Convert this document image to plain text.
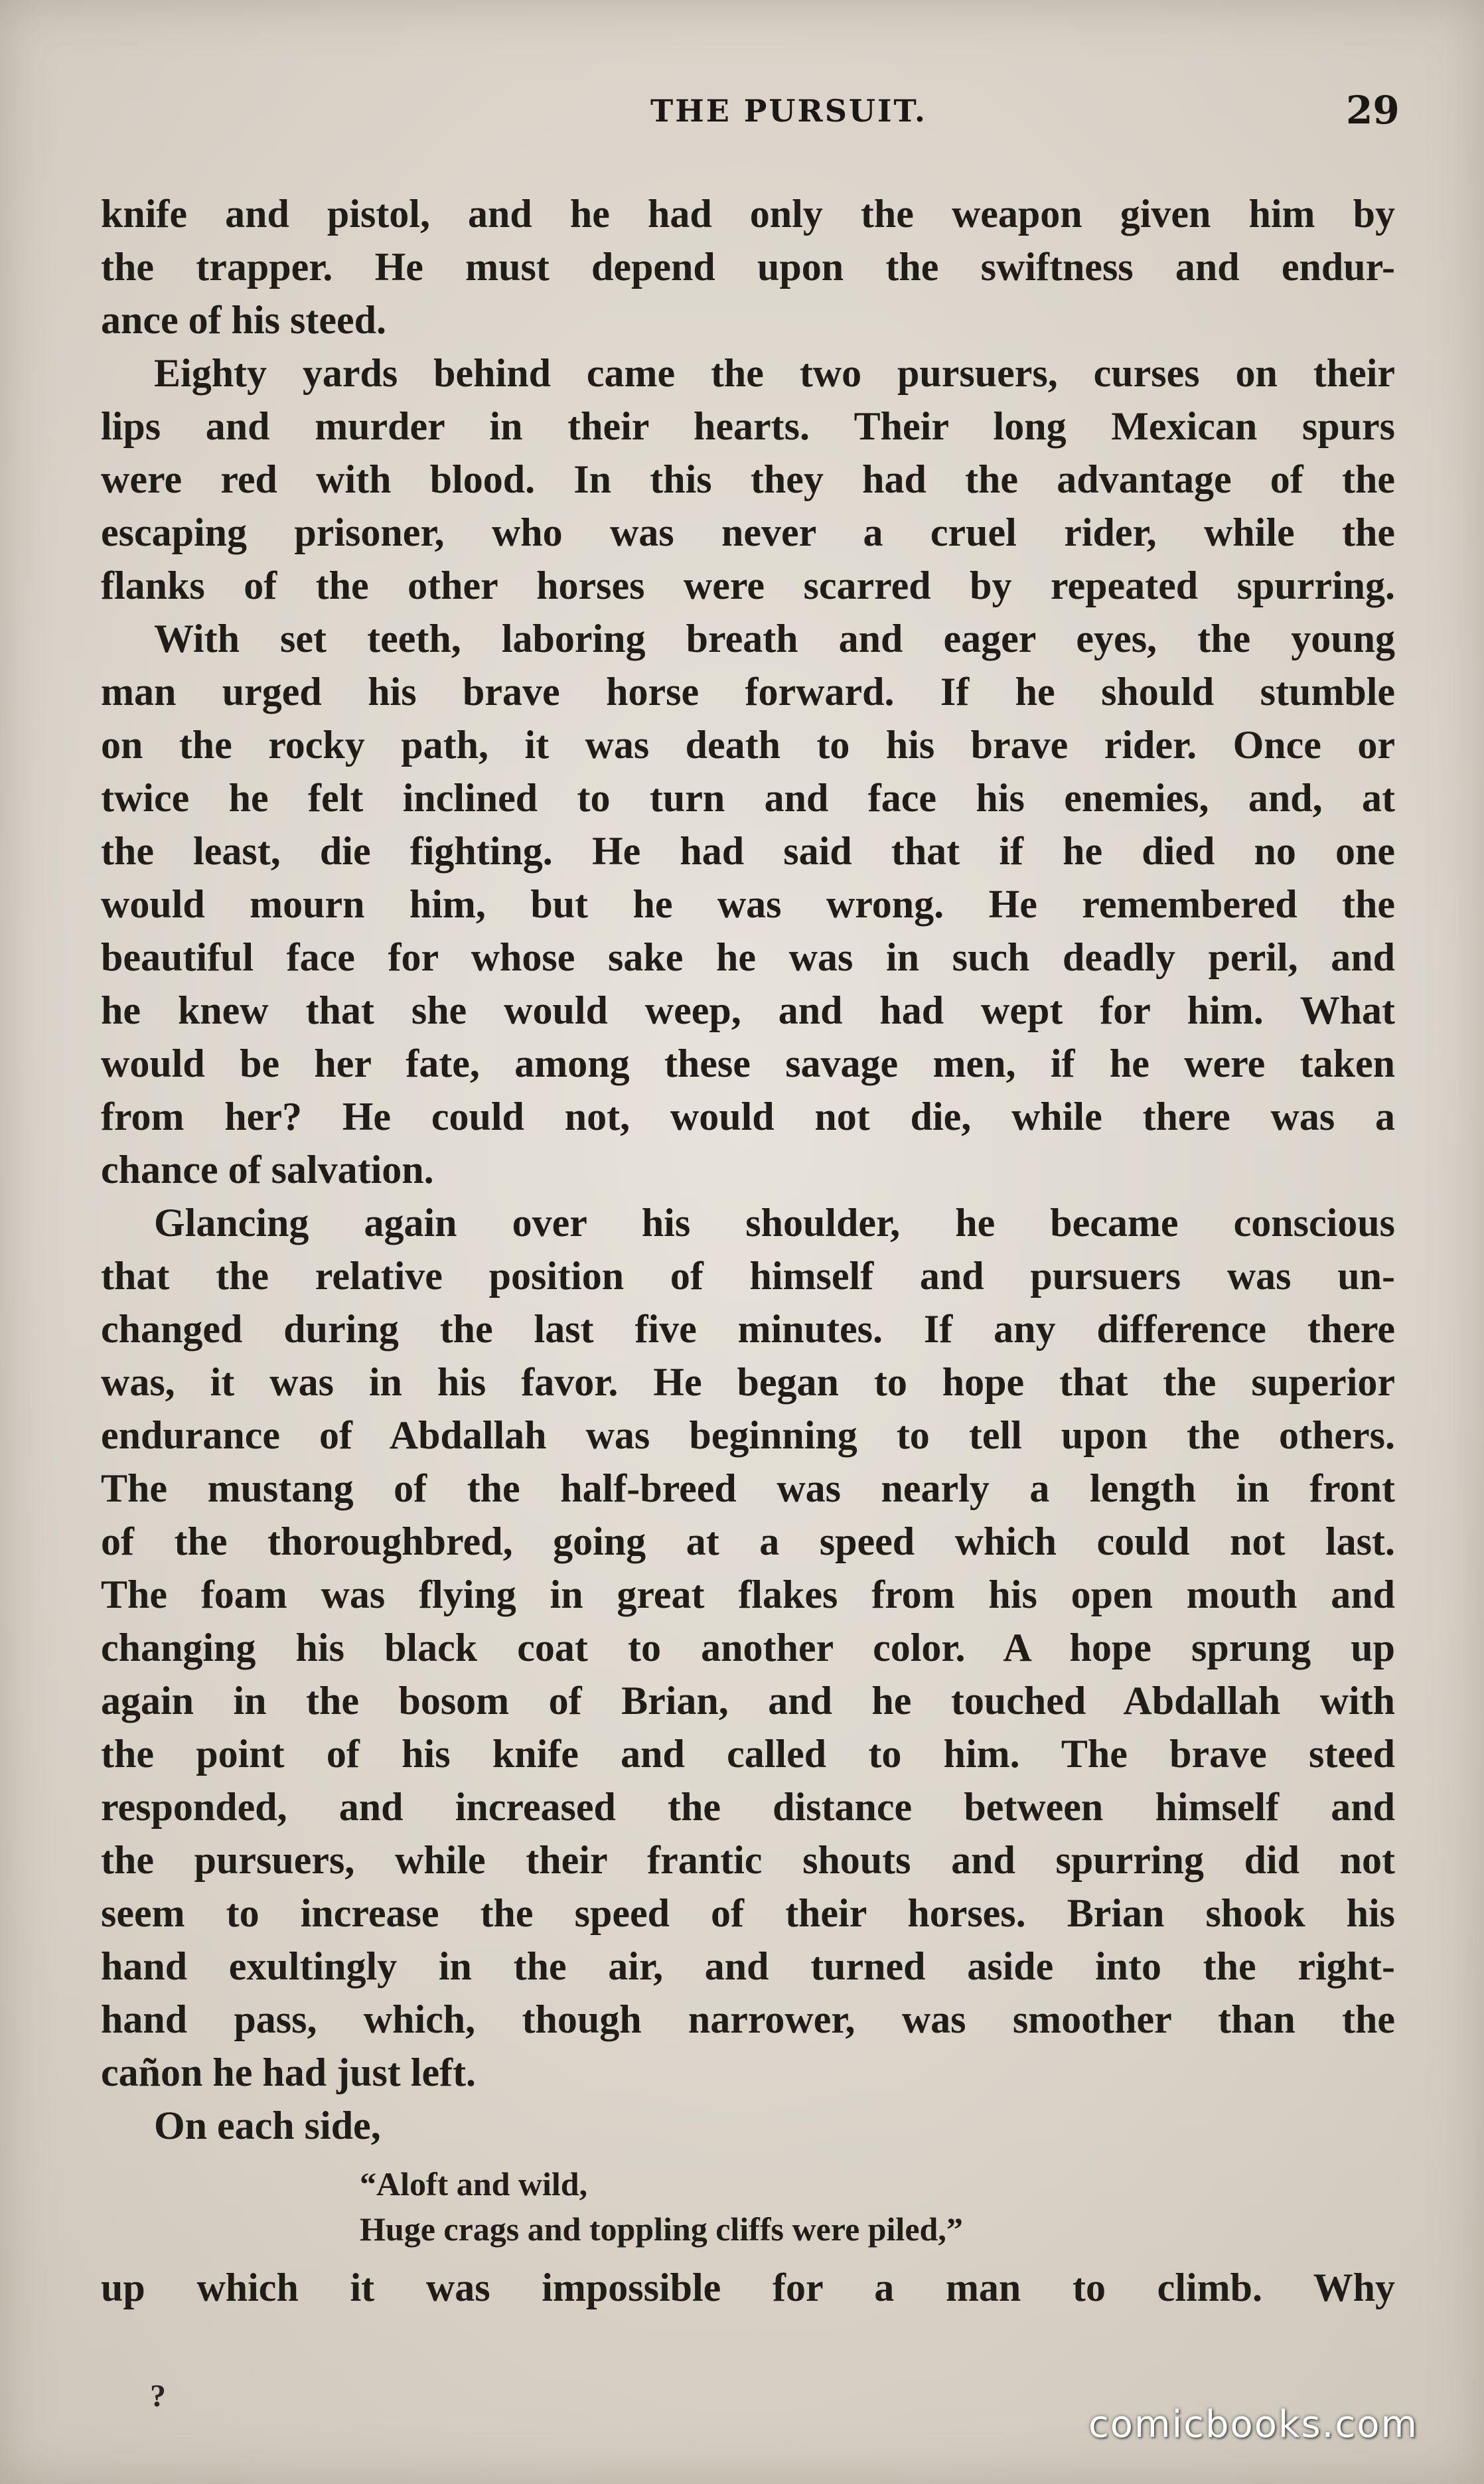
THE PURSUIT.	29
knife and pistol, and he had only the weapon given him by
the trapper. He must depend upon the swiftness and endur-
ance of his steed.
Eighty yards behind came the two pursuers, curses on their
lips and murder in their hearts. Their long Mexican spurs
were red with blood. In this they had the advantage of the
escaping prisoner, who was never a cruel rider, while the
flanks of the other horses were scarred by repeated spurring.
With set teeth, laboring breath and eager eyes, the young
man urged his brave horse forward. If he should stumble
on the rocky path, it was death to his brave rider. Once or
twice he felt inclined to turn and face his enemies, and, at
the least, die fighting. He had said that if he died no one
would mourn him, but he was wrong. He remembered the
beautiful face for whose sake he was in such deadly peril, and
he knew that she would weep, and had wept for him. What
would be her fate, among these savage men, if he were taken
from her? He could not, would not die, while there was a
chance of salvation.
Glancing again over his shoulder, he became conscious
that the relative position of himself and pursuers was un-
changed during the last five minutes. If any difference there
was, it was in his favor. He began to hope that the superior
endurance of Abdallah was beginning to tell upon the others.
The mustang of the half-breed was nearly a length in front
of the thoroughbred, going at a speed which could not last.
The foam was flying in great flakes from his open mouth and
changing his black coat to another color. A hope sprung up
again in the bosom of Brian, and he touched Abdallah with
the point of his knife and called to him. The brave steed
responded, and increased the distance between himself and
the pursuers, while their frantic shouts and spurring did not
seem to increase the speed of their horses. Brian shook his
hand exultingly in the air, and turned aside into the right-
hand pass, which, though narrower, was smoother than the
cañon he had just left.
On each side,
“Aloft and wild,
Huge crags and toppling cliffs were piled,”
up which it was impossible for a man to climb. Why
?
comicbooks.com
